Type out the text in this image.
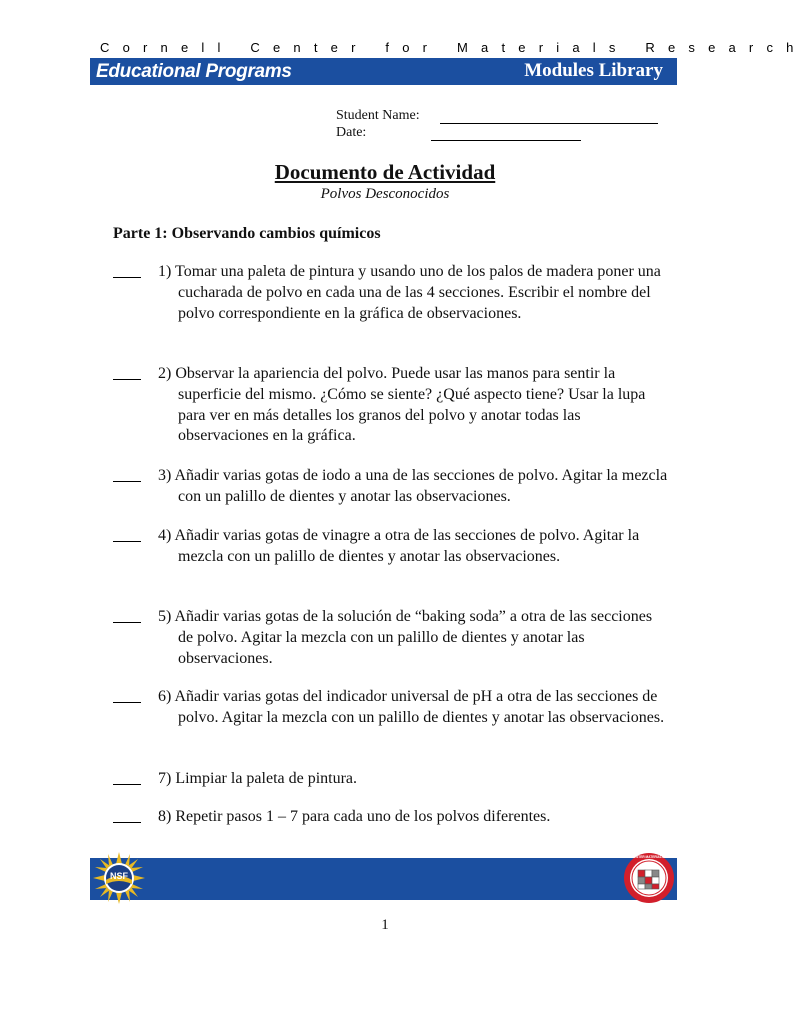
Cornell Center for Materials Research
Educational Programs	Modules Library
Student Name:
Date:
Documento de Actividad
Polvos Desconocidos
Parte 1: Observando cambios químicos

1) Tomar una paleta de pintura y usando uno de los palos de madera poner una cucharada de polvo en cada una de las 4 secciones. Escribir el nombre del polvo correspondiente en la gráfica de observaciones.

2) Observar la apariencia del polvo. Puede usar las manos para sentir la superficie del mismo. ¿Cómo se siente? ¿Qué aspecto tiene? Usar la lupa para ver en más detalles los granos del polvo y anotar todas las observaciones en la gráfica.

3) Añadir varias gotas de iodo a una de las secciones de polvo. Agitar la mezcla con un palillo de dientes y anotar las observaciones.

4) Añadir varias gotas de vinagre a otra de las secciones de polvo. Agitar la mezcla con un palillo de dientes y anotar las observaciones.

5) Añadir varias gotas de la solución de “baking soda” a otra de las secciones de polvo. Agitar la mezcla con un palillo de dientes y anotar las observaciones.

6) Añadir varias gotas del indicador universal de pH a otra de las secciones de polvo. Agitar la mezcla con un palillo de dientes y anotar las observaciones.

7) Limpiar la paleta de pintura.

8) Repetir pasos 1 – 7 para cada uno de los polvos diferentes.

NSF
CORNELL CENTER MATERIALS RESEARCH
1
